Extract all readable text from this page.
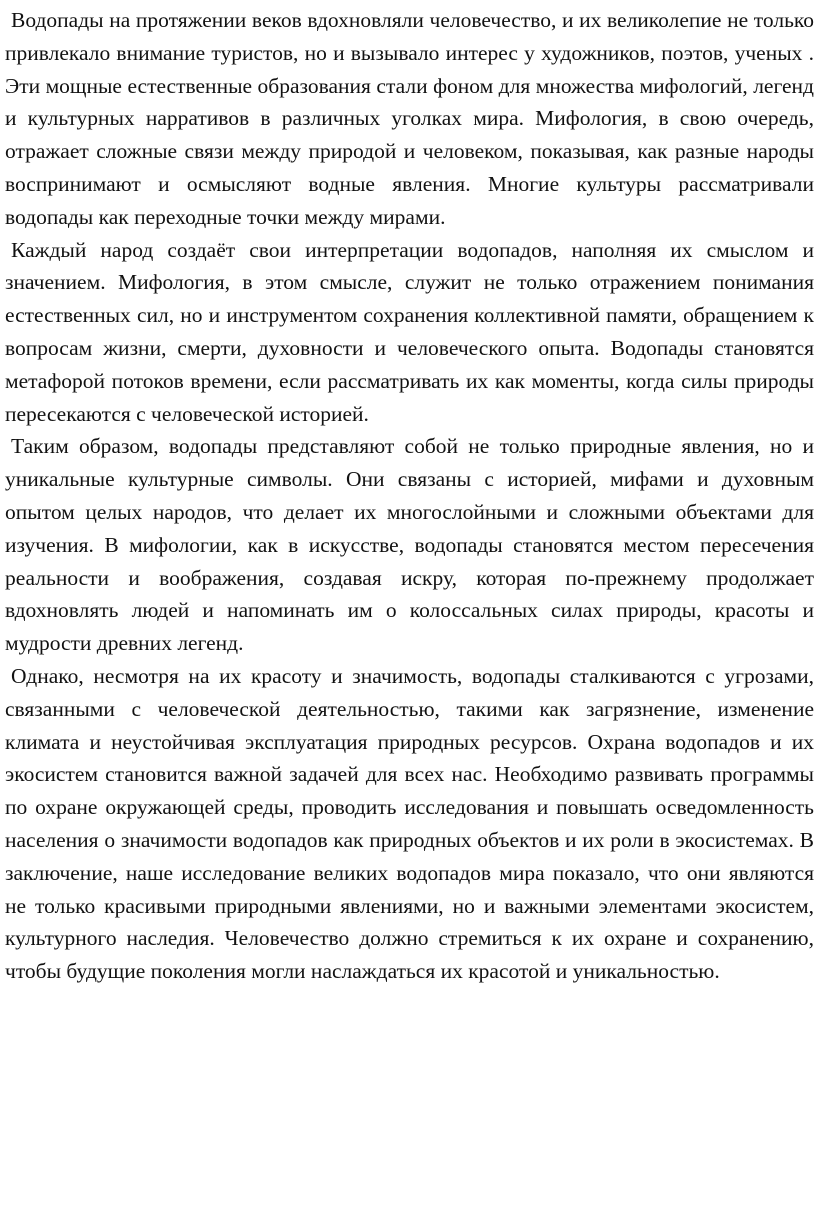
Водопады на протяжении веков вдохновляли человечество, и их великолепие не только привлекало внимание туристов, но и вызывало интерес у художников, поэтов, ученых . Эти мощные естественные образования стали фоном для множества мифологий, легенд и культурных нарративов в различных уголках мира. Мифология, в свою очередь, отражает сложные связи между природой и человеком, показывая, как разные народы воспринимают и осмысляют водные явления. Многие культуры рассматривали водопады как переходные точки между мирами.

Каждый народ создаёт свои интерпретации водопадов, наполняя их смыслом и значением. Мифология, в этом смысле, служит не только отражением понимания естественных сил, но и инструментом сохранения коллективной памяти, обращением к вопросам жизни, смерти, духовности и человеческого опыта. Водопады становятся метафорой потоков времени, если рассматривать их как моменты, когда силы природы пересекаются с человеческой историей.

Таким образом, водопады представляют собой не только природные явления, но и уникальные культурные символы. Они связаны с историей, мифами и духовным опытом целых народов, что делает их многослойными и сложными объектами для изучения. В мифологии, как в искусстве, водопады становятся местом пересечения реальности и воображения, создавая искру, которая по-прежнему продолжает вдохновлять людей и напоминать им о колоссальных силах природы, красоты и мудрости древних легенд.

Однако, несмотря на их красоту и значимость, водопады сталкиваются с угрозами, связанными с человеческой деятельностью, такими как загрязнение, изменение климата и неустойчивая эксплуатация природных ресурсов. Охрана водопадов и их экосистем становится важной задачей для всех нас. Необходимо развивать программы по охране окружающей среды, проводить исследования и повышать осведомленность населения о значимости водопадов как природных объектов и их роли в экосистемах. В заключение, наше исследование великих водопадов мира показало, что они являются не только красивыми природными явлениями, но и важными элементами экосистем, культурного наследия. Человечество должно стремиться к их охране и сохранению, чтобы будущие поколения могли наслаждаться их красотой и уникальностью.
